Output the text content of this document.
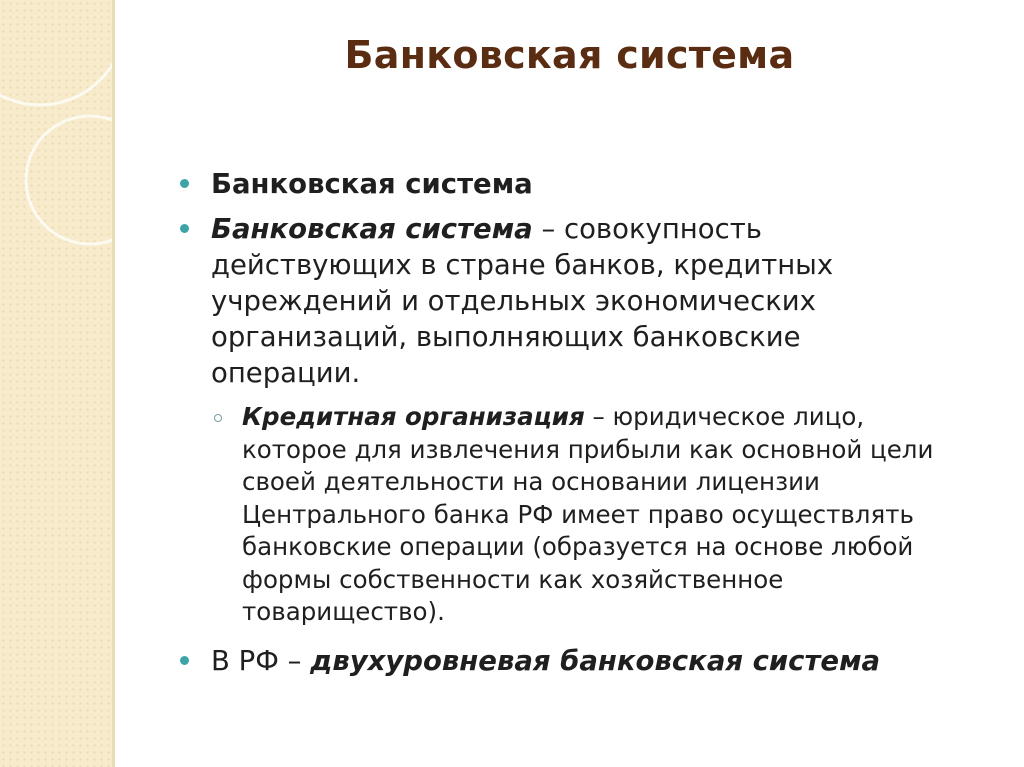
Банковская система
Банковская система
Банковская система – совокупность действующих в стране банков, кредитных учреждений и отдельных экономических организаций, выполняющих банковские операции.
Кредитная организация – юридическое лицо, которое для извлечения прибыли как основной цели своей деятельности на основании лицензии Центрального банка РФ имеет право осуществлять банковские операции (образуется на основе любой формы собственности как хозяйственное товарищество).
В РФ – двухуровневая банковская система
